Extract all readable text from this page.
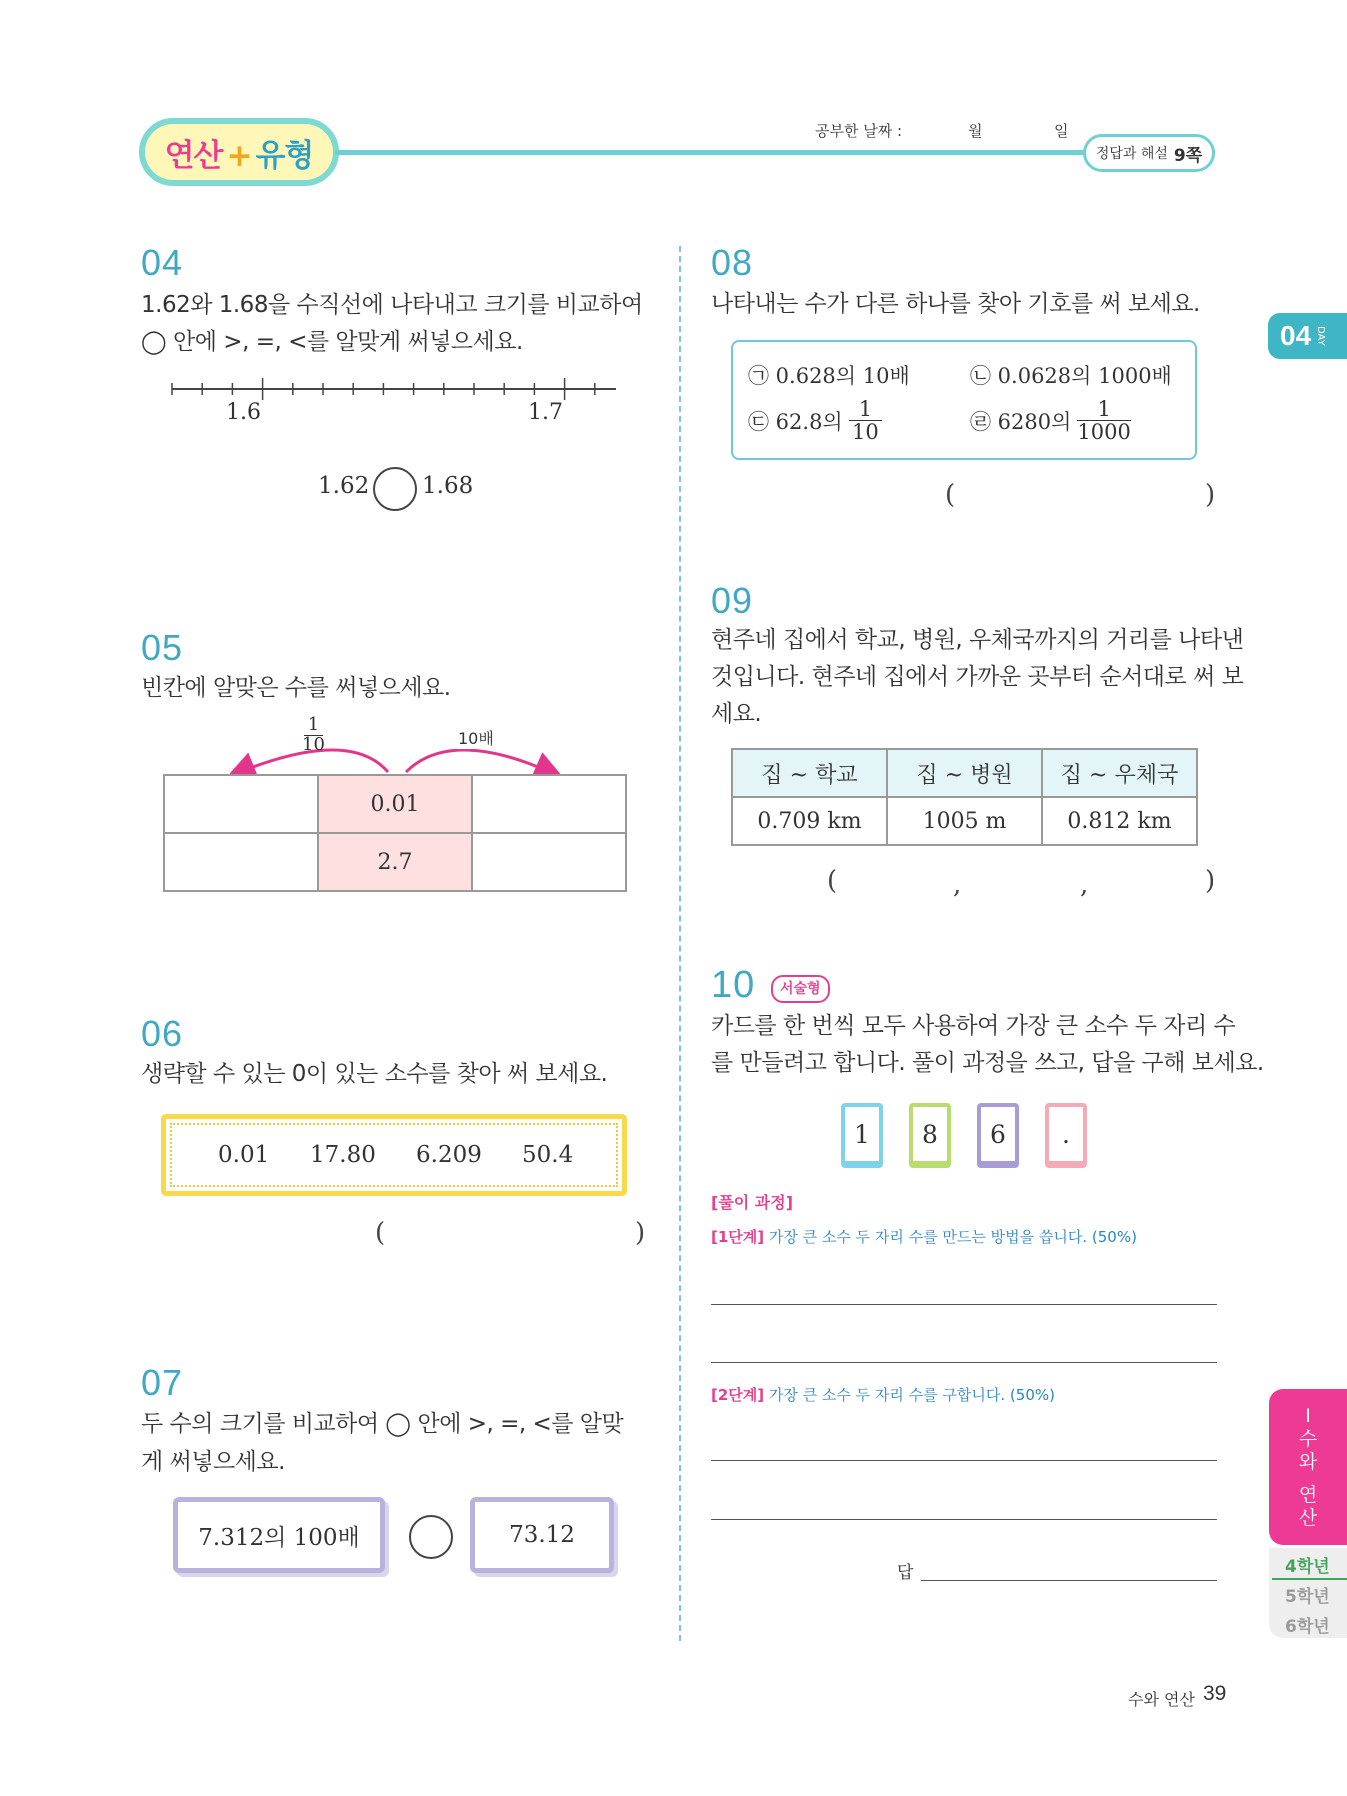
연산 + 유형
공부한 날짜 :	월	일
정답과 해설 9쪽
04 DAY
I
수
와
연
산
4학년
5학년
6학년
04
1.62와 1.68을 수직선에 나타내고 크기를 비교하여
◯ 안에 >, =, <를 알맞게 써넣으세요.
1.6	1.7
1.62 1.68
05
빈칸에 알맞은 수를 써넣으세요.
$\frac{1}{10}$	10배
0.01
2.7
06
생략할 수 있는 0이 있는 소수를 찾아 써 보세요.
0.01 17.80 6.209 50.4
(	)
07
두 수의 크기를 비교하여 ◯ 안에 >, =, <를 알맞
게 써넣으세요.
7.312의 100배	73.12
08
나타내는 수가 다른 하나를 찾아 기호를 써 보세요.
㉠ 0.628의 10배	㉡ 0.0628의 1000배
㉢ 62.8의 $\frac{1}{10}$	㉣ 6280의 $\frac{1}{1000}$
(	)
09
현주네 집에서 학교, 병원, 우체국까지의 거리를 나타낸
것입니다. 현주네 집에서 가까운 곳부터 순서대로 써 보
세요.
집 ~ 학교	집 ~ 병원	집 ~ 우체국
0.709 km	1005 m	0.812 km
(	,	,	)
10	서술형
카드를 한 번씩 모두 사용하여 가장 큰 소수 두 자리 수
를 만들려고 합니다. 풀이 과정을 쓰고, 답을 구해 보세요.
1 8 6 .
[풀이 과정]
[1단계] 가장 큰 소수 두 자리 수를 만드는 방법을 씁니다. (50%)
[2단계] 가장 큰 소수 두 자리 수를 구합니다. (50%)
답
수와 연산 39
